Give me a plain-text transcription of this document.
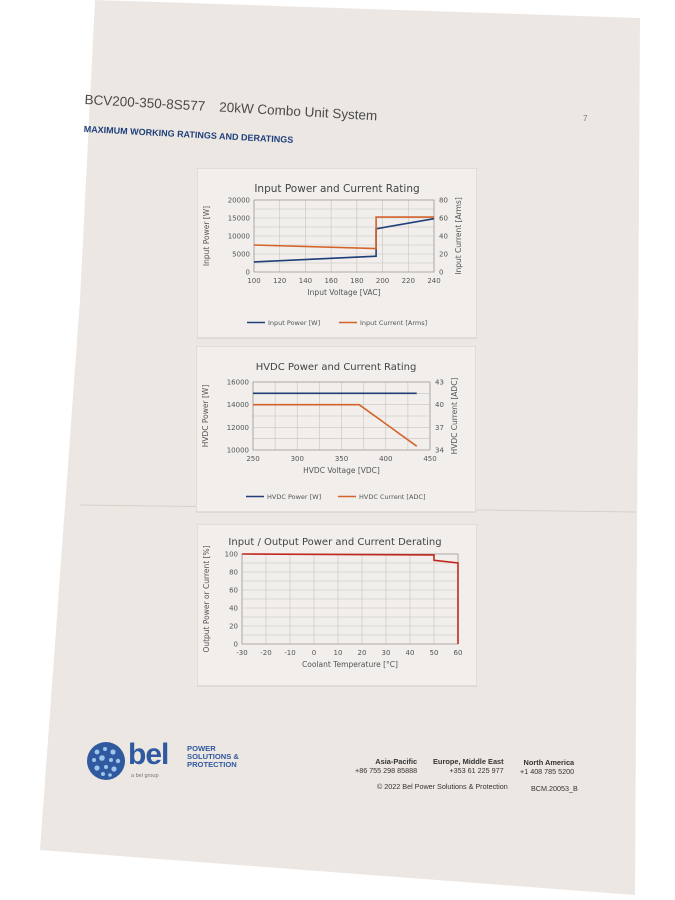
BCV200-350-8S577 20kW Combo Unit System
MAXIMUM WORKING RATINGS AND DERATINGS
7
Input Power and Current Rating
100 120 140 160 180 200 220 240
0
5000
10000
15000
20000
0
20
40
60
80
Input Voltage [VAC]
Input Power [W]	Input Current [Arms]
Input Power [W]	Input Current [Arms]
HVDC Power and Current Rating
250	300	350	400	450
10000
12000
14000
16000
34
37
40
43
HVDC Voltage [VDC]
HVDC Power [W]	HVDC Current [ADC]
HVDC Power [W]	HVDC Current [ADC]
Input / Output Power and Current Derating
-30 -20 -10 0 10 20 30 40 50 60
0
20
40
60
80
100
Coolant Temperature [°C]
Output Power or Current [%]
bel POWER
SOLUTIONS &
PROTECTION
a bel group
Asia-Pacific
+86 755 298 85888
Europe, Middle East
+353 61 225 977
North America
+1 408 785 5200
© 2022 Bel Power Solutions & Protection	BCM.20053_B
